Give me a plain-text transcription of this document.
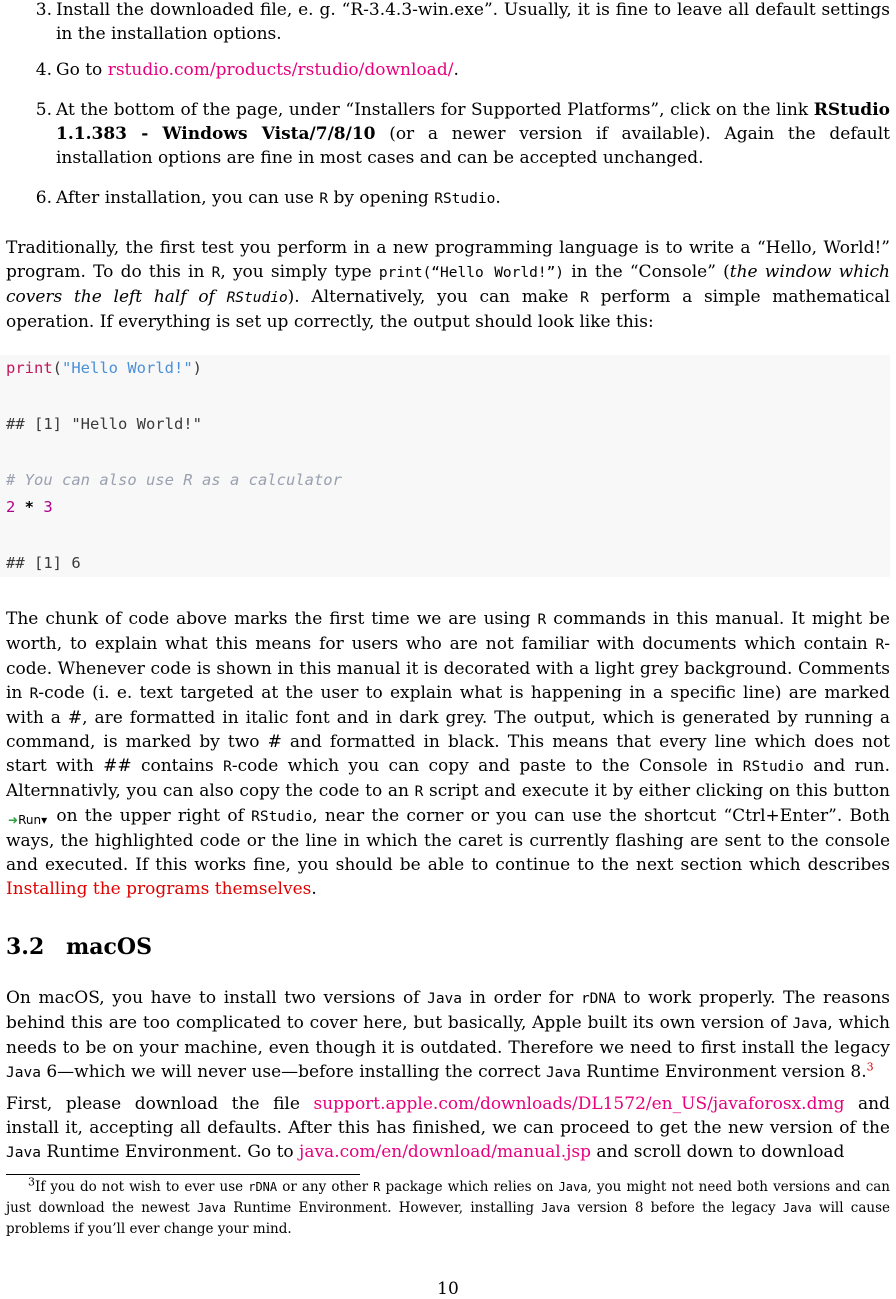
3. Install the downloaded file, e. g. “R-3.4.3-win.exe”. Usually, it is fine to leave all default settings in the installation options.
4. Go to rstudio.com/products/rstudio/download/.
5. At the bottom of the page, under “Installers for Supported Platforms”, click on the link RStudio 1.1.383 - Windows Vista/7/8/10 (or a newer version if available). Again the default installation options are fine in most cases and can be accepted unchanged.
6. After installation, you can use R by opening RStudio.

Traditionally, the first test you perform in a new programming language is to write a “Hello, World!” program. To do this in R, you simply type print(“Hello World!”) in the “Console” (the window which covers the left half of RStudio). Alternatively, you can make R perform a simple mathematical operation. If everything is set up correctly, the output should look like this:

print("Hello World!")
## [1] "Hello World!"
# You can also use R as a calculator
2 * 3
## [1] 6

The chunk of code above marks the first time we are using R commands in this manual. It might be worth, to explain what this means for users who are not familiar with documents which contain R-code. Whenever code is shown in this manual it is decorated with a light grey background. Comments in R-code (i. e. text targeted at the user to explain what is happening in a specific line) are marked with a #, are formatted in italic font and in dark grey. The output, which is generated by running a command, is marked by two # and formatted in black. This means that every line which does not start with ## contains R-code which you can copy and paste to the Console in RStudio and run. Alternnativly, you can also copy the code to an R script and execute it by either clicking on this button ➜Run▾ on the upper right of RStudio, near the corner or you can use the shortcut “Ctrl+Enter”. Both ways, the highlighted code or the line in which the caret is currently flashing are sent to the console and executed. If this works fine, you should be able to continue to the next section which describes Installing the programs themselves.

3.2 macOS

On macOS, you have to install two versions of Java in order for rDNA to work properly. The reasons behind this are too complicated to cover here, but basically, Apple built its own version of Java, which needs to be on your machine, even though it is outdated. Therefore we need to first install the legacy Java 6—which we will never use—before installing the correct Java Runtime Environment version 8.$^3$

First, please download the file support.apple.com/downloads/DL1572/en_US/javaforosx.dmg and install it, accepting all defaults. After this has finished, we can proceed to get the new version of the Java Runtime Environment. Go to java.com/en/download/manual.jsp and scroll down to download

$^3$If you do not wish to ever use rDNA or any other R package which relies on Java, you might not need both versions and can just download the newest Java Runtime Environment. However, installing Java version 8 before the legacy Java will cause problems if you’ll ever change your mind.

10
